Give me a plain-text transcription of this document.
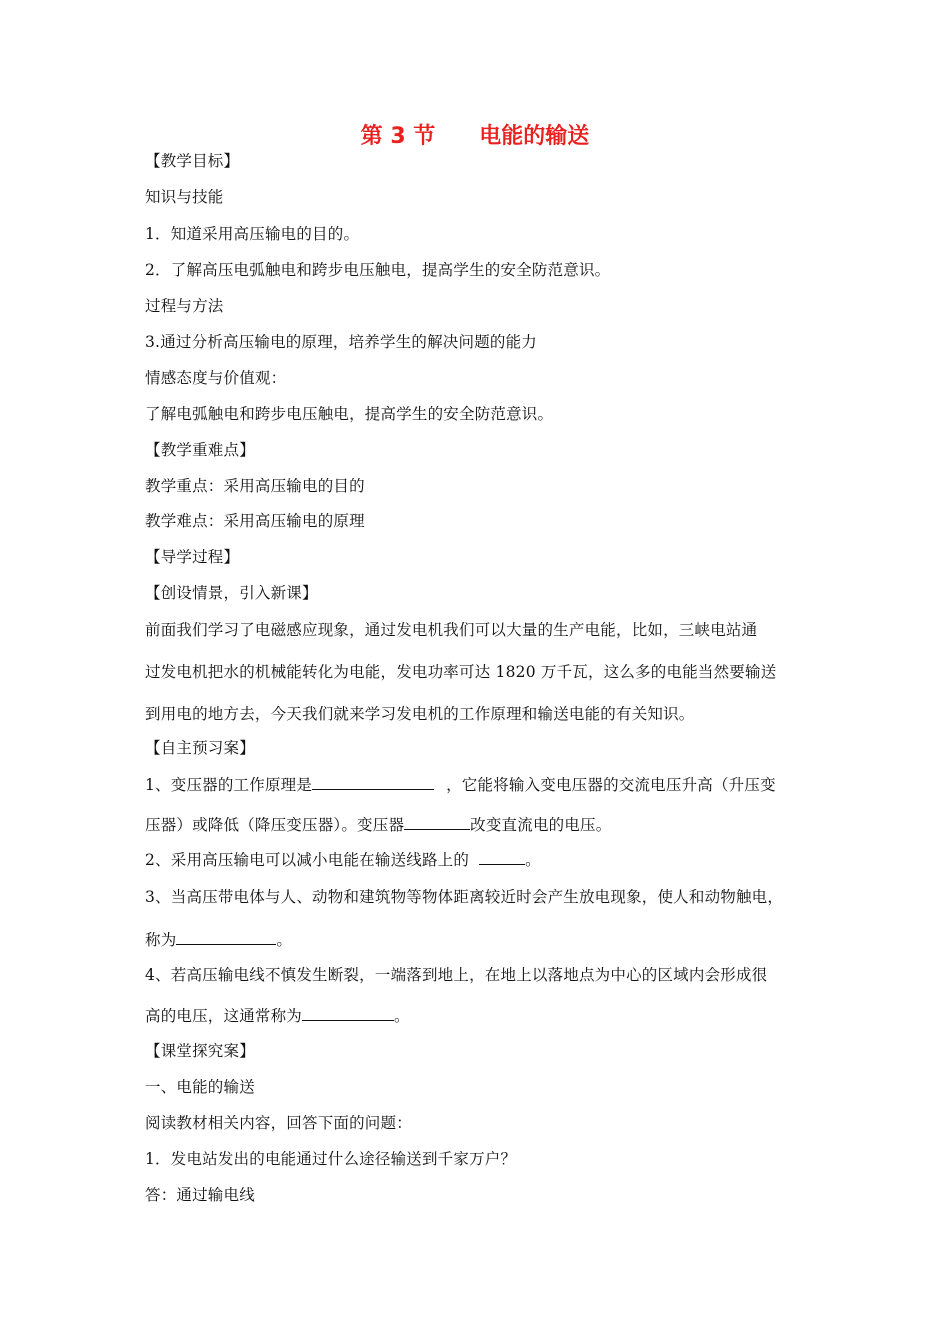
第 3 节　　电能的输送
【教学目标】
知识与技能
1．知道采用高压输电的目的。
2．了解高压电弧触电和跨步电压触电，提高学生的安全防范意识。
过程与方法
3.通过分析高压输电的原理，培养学生的解决问题的能力
情感态度与价值观：
了解电弧触电和跨步电压触电，提高学生的安全防范意识。
【教学重难点】
教学重点：采用高压输电的目的
教学难点：采用高压输电的原理
【导学过程】
【创设情景，引入新课】
前面我们学习了电磁感应现象，通过发电机我们可以大量的生产电能，比如，三峡电站通
过发电机把水的机械能转化为电能，发电功率可达 1820 万千瓦，这么多的电能当然要输送
到用电的地方去，今天我们就来学习发电机的工作原理和输送电能的有关知识。
【自主预习案】
1、变压器的工作原理是	，它能将输入变电压器的交流电压升高（升压变
压器）或降低（降压变压器）。变压器	改变直流电的电压。
2、采用高压输电可以减小电能在输送线路上的	。
3、当高压带电体与人、动物和建筑物等物体距离较近时会产生放电现象，使人和动物触电，
称为	。
4、若高压输电线不慎发生断裂，一端落到地上，在地上以落地点为中心的区域内会形成很
高的电压，这通常称为	。
【课堂探究案】
一、电能的输送
阅读教材相关内容，回答下面的问题：
1．发电站发出的电能通过什么途径输送到千家万户？
答：通过输电线
